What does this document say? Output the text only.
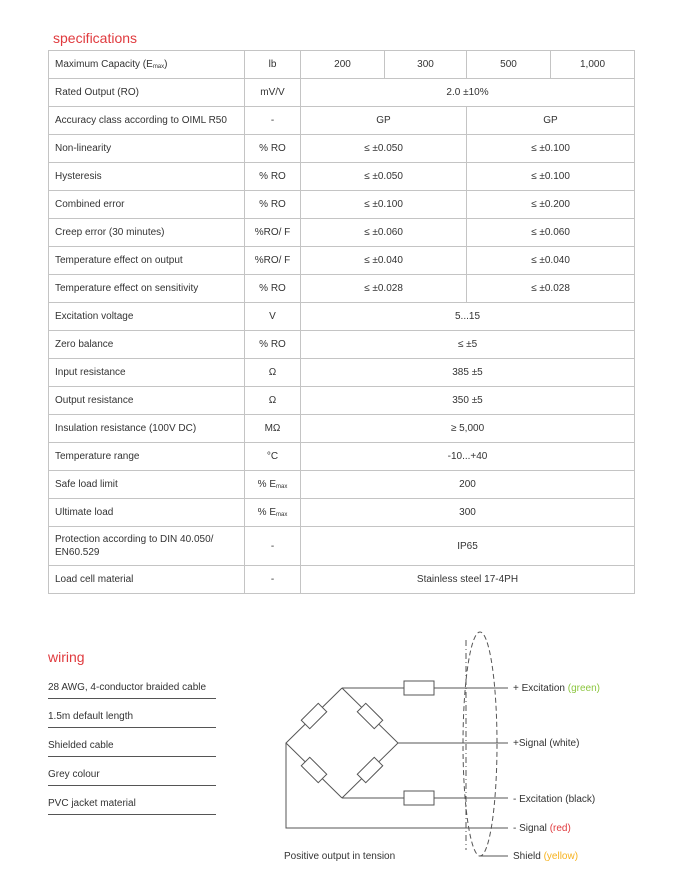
specifications
Maximum Capacity $(E_{max})$	lb	200	300	500	1,000
Rated Output (RO)	mV/V	2.0 ±10%			
Accuracy class according to OIML R50	-	GP		GP	
Non-linearity	% RO	≤ ±0.050		≤ ±0.100	
Hysteresis	% RO	≤ ±0.050		≤ ±0.100	
Combined error	% RO	≤ ±0.100		≤ ±0.200	
Creep error (30 minutes)	%RO/ F	≤ ±0.060		≤ ±0.060	
Temperature effect on output	%RO/ F	≤ ±0.040		≤ ±0.040	
Temperature effect on sensitivity	% RO	≤ ±0.028		≤ ±0.028	
Excitation voltage	V	5...15			
Zero balance	% RO	≤ ±5			
Input resistance	Ω	385 ±5			
Output resistance	Ω	350 ±5			
Insulation resistance (100V DC)	MΩ	≥ 5,000			
Temperature range	°C	-10...+40			
Safe load limit	% $E_{max}$	200			
Ultimate load	% $E_{max}$	300			
Protection according to DIN 40.050/ EN60.529	-	IP65			
Load cell material	-	Stainless steel 17-4PH			
wiring
28 AWG, 4-conductor braided cable
1.5m default length
Shielded cable
Grey colour
PVC jacket material
+ Excitation (green)
+Signal (white)
- Excitation (black)
- Signal (red)
Shield (yellow)
Positive output in tension
